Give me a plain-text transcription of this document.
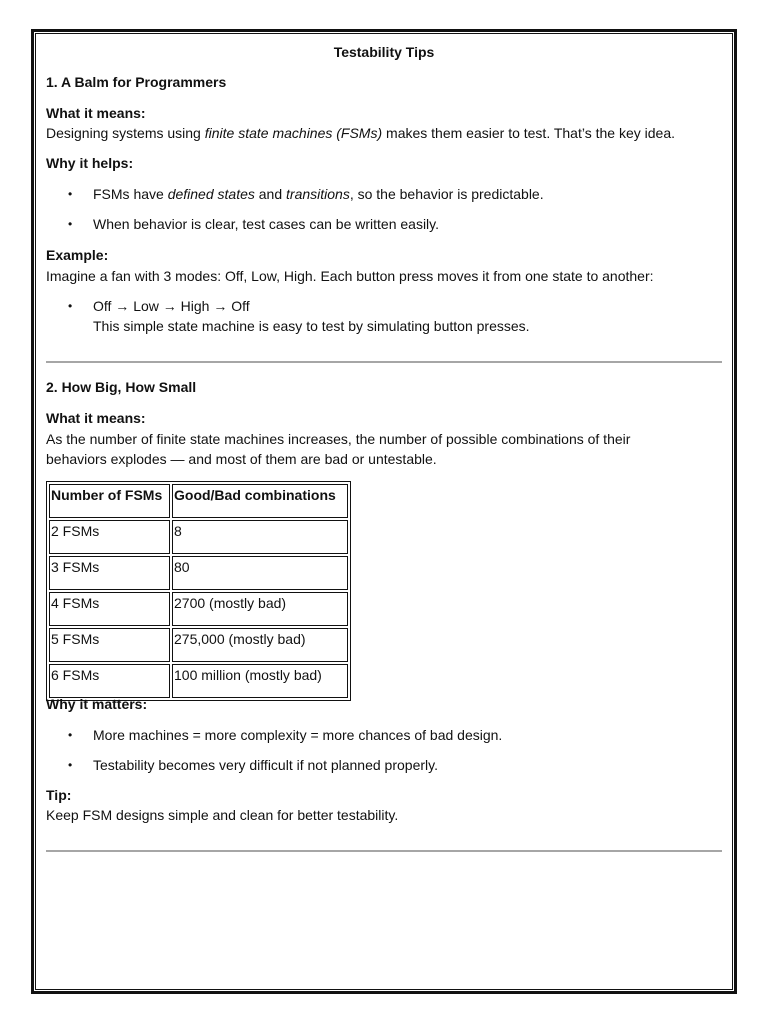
Testability Tips
1. A Balm for Programmers
What it means:
Designing systems using finite state machines (FSMs) makes them easier to test. That’s the key idea.
Why it helps:
• FSMs have defined states and transitions, so the behavior is predictable.
• When behavior is clear, test cases can be written easily.
Example:
Imagine a fan with 3 modes: Off, Low, High. Each button press moves it from one state to another:
• Off → Low → High → Off
This simple state machine is easy to test by simulating button presses.
2. How Big, How Small
What it means:
As the number of finite state machines increases, the number of possible combinations of their
behaviors explodes — and most of them are bad or untestable.
Number of FSMs	Good/Bad combinations
2 FSMs	8
3 FSMs	80
4 FSMs	2700 (mostly bad)
5 FSMs	275,000 (mostly bad)
6 FSMs	100 million (mostly bad)
Why it matters:
• More machines = more complexity = more chances of bad design.
• Testability becomes very difficult if not planned properly.
Tip:
Keep FSM designs simple and clean for better testability.
